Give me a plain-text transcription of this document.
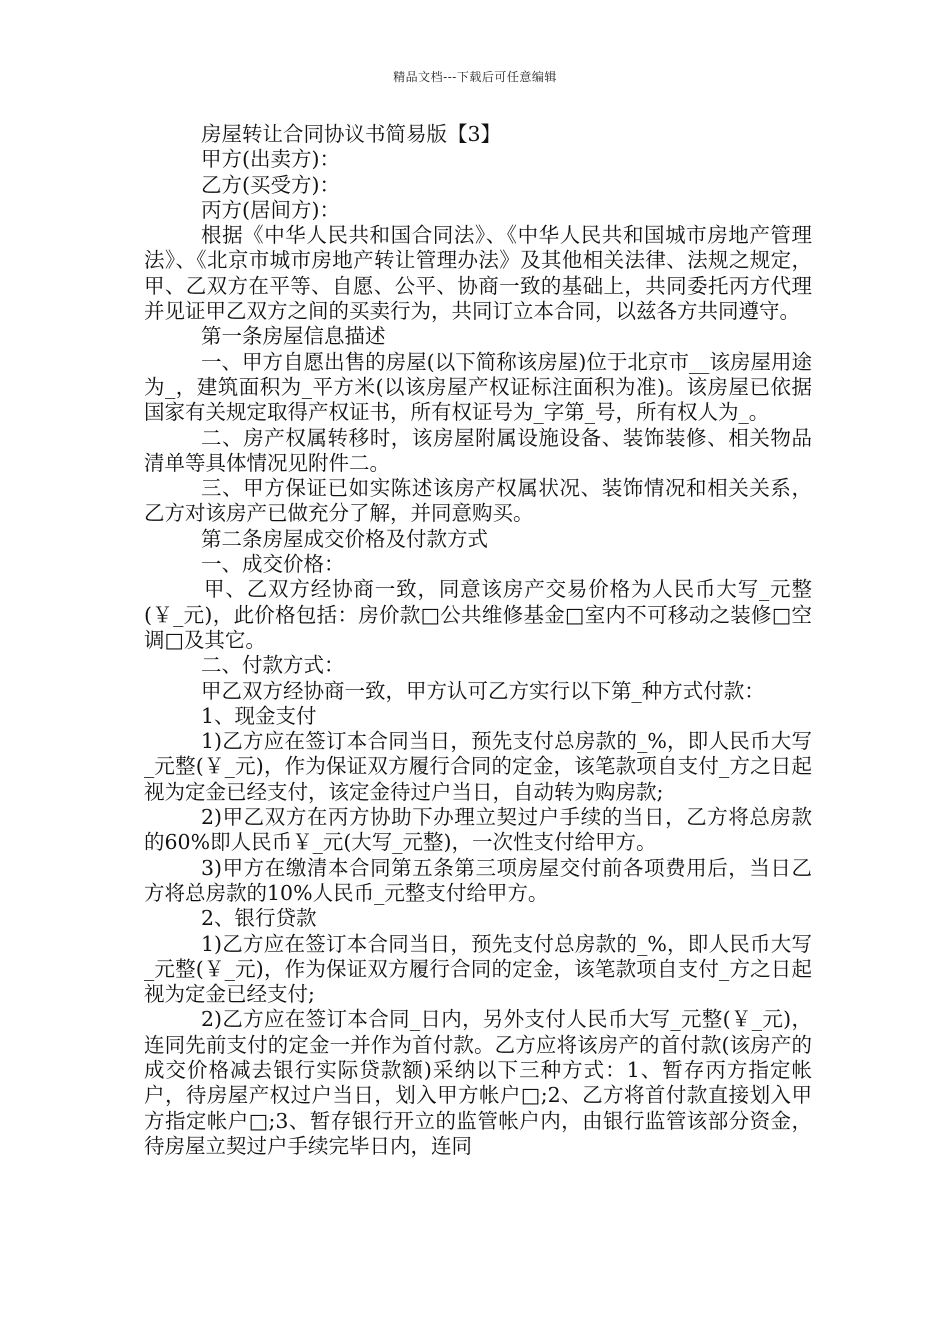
精品文档---下载后可任意编辑

房屋转让合同协议书简易版【3】

甲方(出卖方)：

乙方(买受方)：

丙方(居间方)：

根据《中华人民共和国合同法》、《中华人民共和国城市房地产管理法》、《北京市城市房地产转让管理办法》及其他相关法律、法规之规定，甲、乙双方在平等、自愿、公平、协商一致的基础上，共同委托丙方代理并见证甲乙双方之间的买卖行为，共同订立本合同，以兹各方共同遵守。

第一条房屋信息描述

一、甲方自愿出售的房屋(以下简称该房屋)位于北京市__该房屋用途为_，建筑面积为_平方米(以该房屋产权证标注面积为准)。该房屋已依据国家有关规定取得产权证书，所有权证号为_字第_号，所有权人为_。

二、房产权属转移时，该房屋附属设施设备、装饰装修、相关物品清单等具体情况见附件二。

三、甲方保证已如实陈述该房产权属状况、装饰情况和相关关系，乙方对该房产已做充分了解，并同意购买。

第二条房屋成交价格及付款方式

一、成交价格：

甲、乙双方经协商一致，同意该房产交易价格为人民币大写_元整(￥_元)，此价格包括：房价款□公共维修基金□室内不可移动之装修□空调□及其它。

二、付款方式：

甲乙双方经协商一致，甲方认可乙方实行以下第_种方式付款：

1、现金支付

1)乙方应在签订本合同当日，预先支付总房款的_%，即人民币大写_元整(￥_元)，作为保证双方履行合同的定金，该笔款项自支付_方之日起视为定金已经支付，该定金待过户当日，自动转为购房款;

2)甲乙双方在丙方协助下办理立契过户手续的当日，乙方将总房款的60%即人民币￥_元(大写_元整)，一次性支付给甲方。

3)甲方在缴清本合同第五条第三项房屋交付前各项费用后，当日乙方将总房款的10%人民币_元整支付给甲方。

2、银行贷款

1)乙方应在签订本合同当日，预先支付总房款的_%，即人民币大写_元整(￥_元)，作为保证双方履行合同的定金，该笔款项自支付_方之日起视为定金已经支付;

2)乙方应在签订本合同_日内，另外支付人民币大写_元整(￥_元)，连同先前支付的定金一并作为首付款。乙方应将该房产的首付款(该房产的成交价格减去银行实际贷款额)采纳以下三种方式：1、暂存丙方指定帐户，待房屋产权过户当日，划入甲方帐户□;2、乙方将首付款直接划入甲方指定帐户□;3、暂存银行开立的监管帐户内，由银行监管该部分资金，待房屋立契过户手续完毕日内，连同
